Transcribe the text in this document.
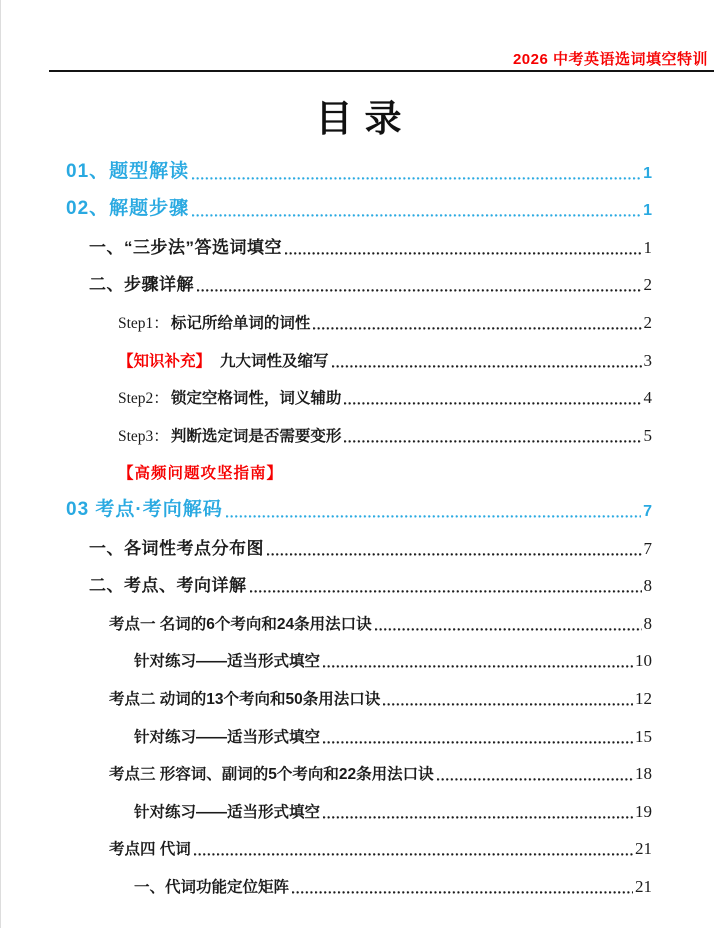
2026 中考英语选词填空特训
目录
01、题型解读	1
02、解题步骤	1
一、“三步法”答选词填空	1
二、步骤详解	2
Step1： 标记所给单词的词性	2
【知识补充】 九大词性及缩写	3
Step2： 锁定空格词性，词义辅助	4
Step3： 判断选定词是否需要变形	5
【高频问题攻坚指南】
03 考点·考向解码	7
一、各词性考点分布图	7
二、考点、考向详解	8
考点一 名词的6个考向和24条用法口诀	8
针对练习——适当形式填空	10
考点二 动词的13个考向和50条用法口诀	12
针对练习——适当形式填空	15
考点三 形容词、副词的5个考向和22条用法口诀	18
针对练习——适当形式填空	19
考点四 代词	21
一、代词功能定位矩阵	21
